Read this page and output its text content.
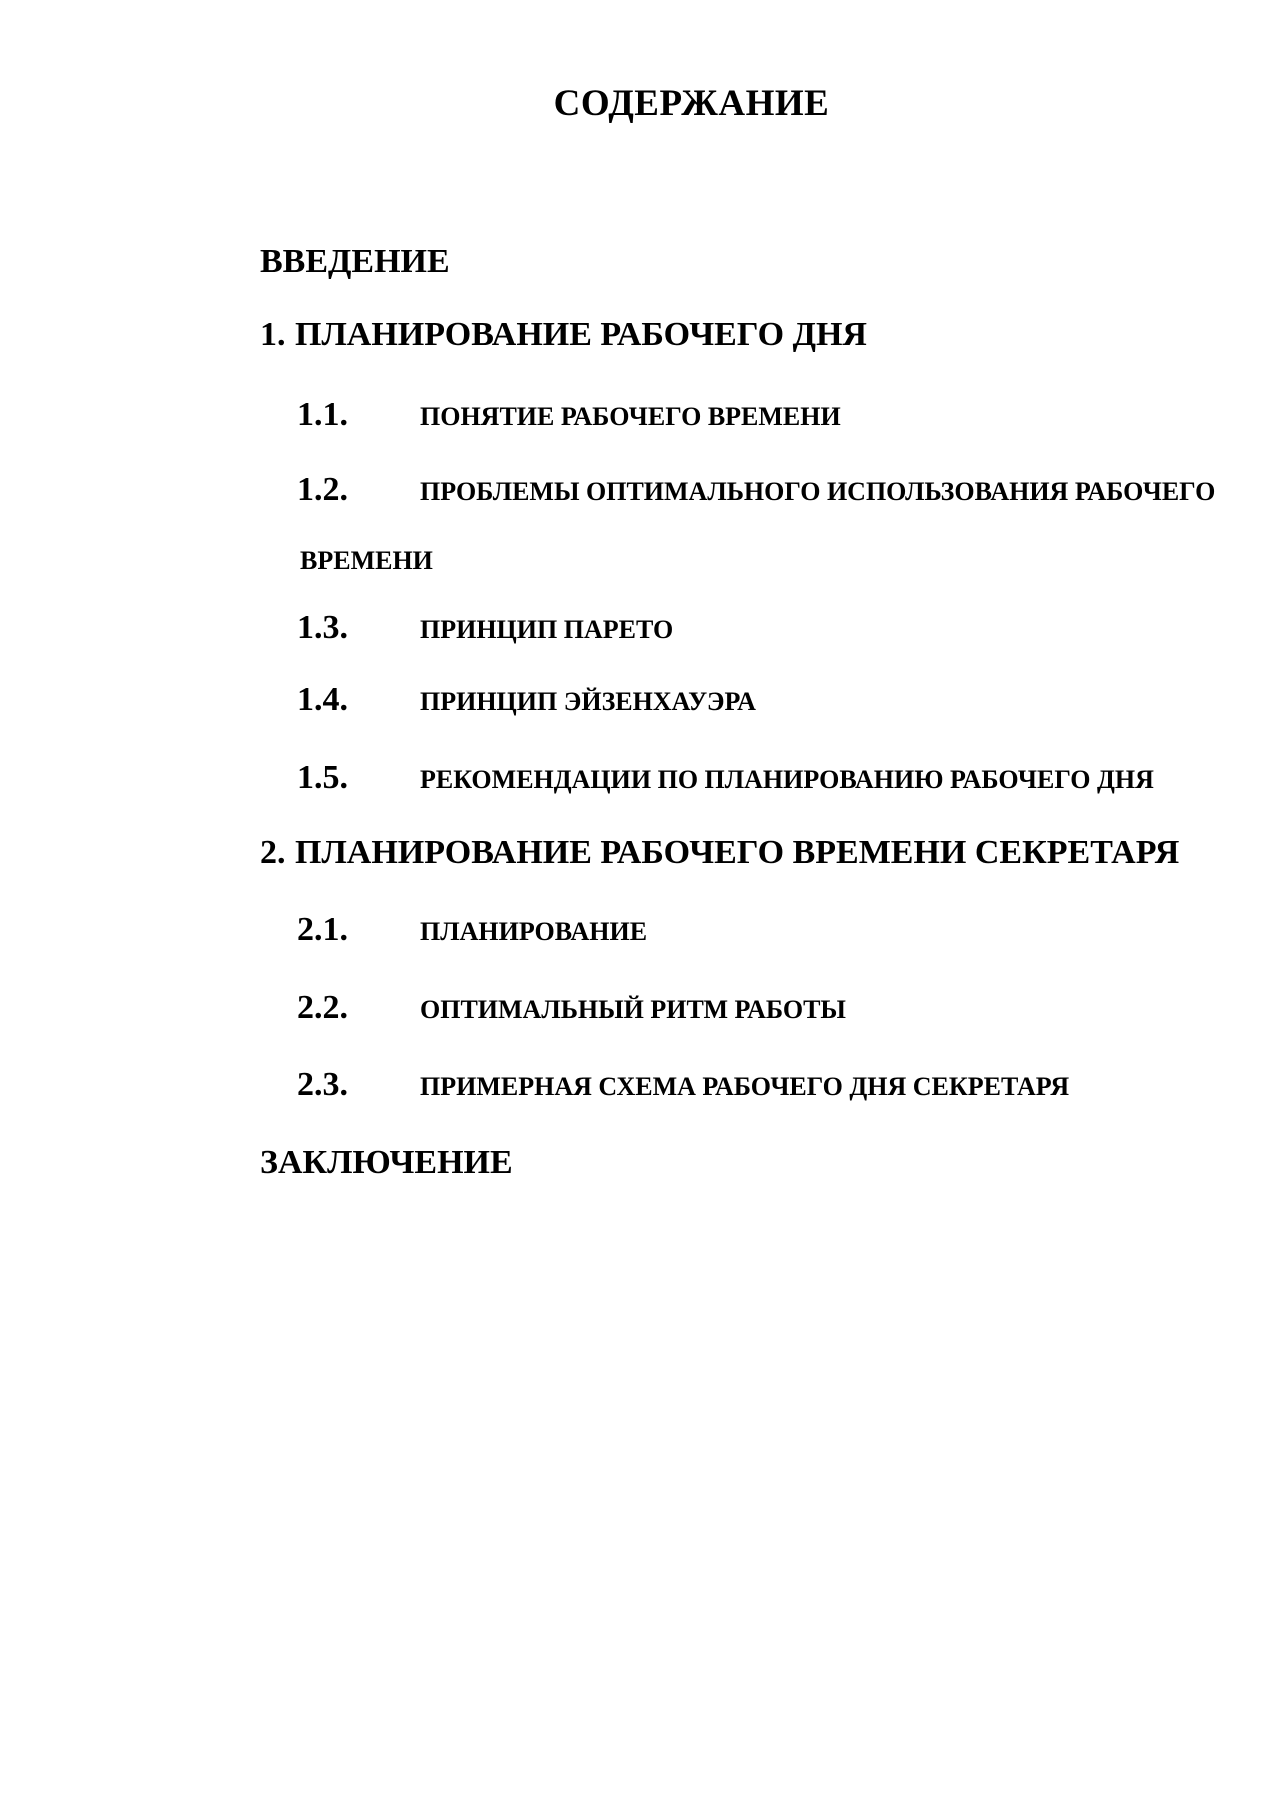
СОДЕРЖАНИЕ
ВВЕДЕНИЕ
1. ПЛАНИРОВАНИЕ РАБОЧЕГО ДНЯ
1.1.	ПОНЯТИЕ РАБОЧЕГО ВРЕМЕНИ
1.2.	ПРОБЛЕМЫ ОПТИМАЛЬНОГО ИСПОЛЬЗОВАНИЯ РАБОЧЕГО
ВРЕМЕНИ
1.3.	ПРИНЦИП ПАРЕТО
1.4.	ПРИНЦИП ЭЙЗЕНХАУЭРА
1.5.	РЕКОМЕНДАЦИИ ПО ПЛАНИРОВАНИЮ РАБОЧЕГО ДНЯ
2. ПЛАНИРОВАНИЕ РАБОЧЕГО ВРЕМЕНИ СЕКРЕТАРЯ
2.1.	ПЛАНИРОВАНИЕ
2.2.	ОПТИМАЛЬНЫЙ РИТМ РАБОТЫ
2.3.	ПРИМЕРНАЯ СХЕМА РАБОЧЕГО ДНЯ СЕКРЕТАРЯ
ЗАКЛЮЧЕНИЕ
